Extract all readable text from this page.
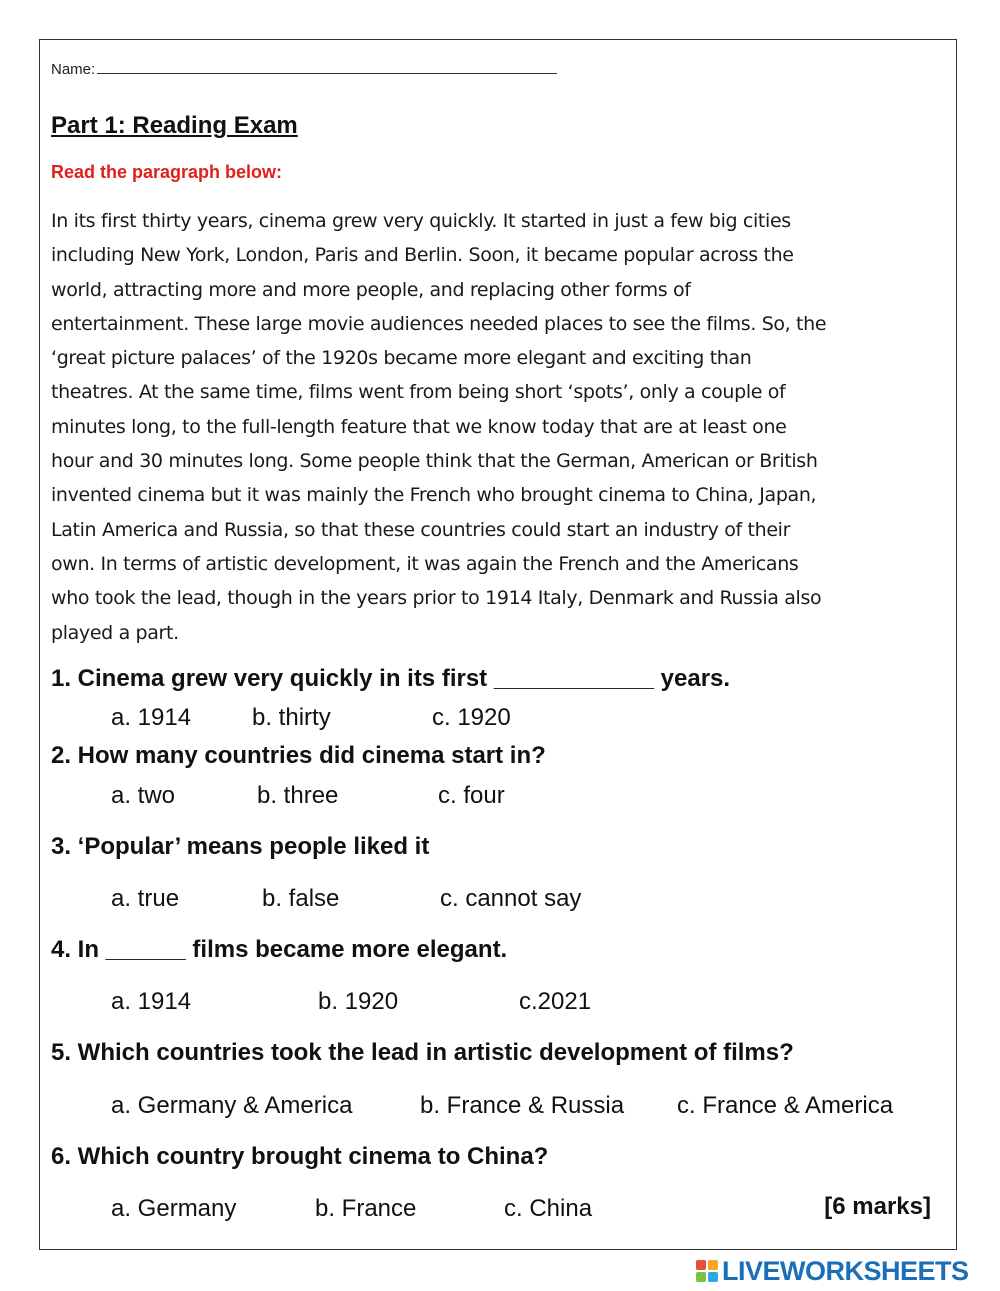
Name:
Part 1: Reading Exam
Read the paragraph below:
In its first thirty years, cinema grew very quickly. It started in just a few big cities
including New York, London, Paris and Berlin. Soon, it became popular across the
world, attracting more and more people, and replacing other forms of
entertainment. These large movie audiences needed places to see the films. So, the
‘great picture palaces’ of the 1920s became more elegant and exciting than
theatres. At the same time, films went from being short ‘spots’, only a couple of
minutes long, to the full-length feature that we know today that are at least one
hour and 30 minutes long. Some people think that the German, American or British
invented cinema but it was mainly the French who brought cinema to China, Japan,
Latin America and Russia, so that these countries could start an industry of their
own. In terms of artistic development, it was again the French and the Americans
who took the lead, though in the years prior to 1914 Italy, Denmark and Russia also
played a part.
1. Cinema grew very quickly in its first ____________ years.
a. 1914	b. thirty	c. 1920
2. How many countries did cinema start in?
a. two	b. three	c. four
3. ‘Popular’ means people liked it
a. true	b. false	c. cannot say
4. In ______ films became more elegant.
a. 1914	b. 1920	c.2021
5. Which countries took the lead in artistic development of films?
a. Germany & America	b. France & Russia c. France & America
6. Which country brought cinema to China?
a. Germany	b. France	c. China	[6 marks]
LIVEWORKSHEETS
